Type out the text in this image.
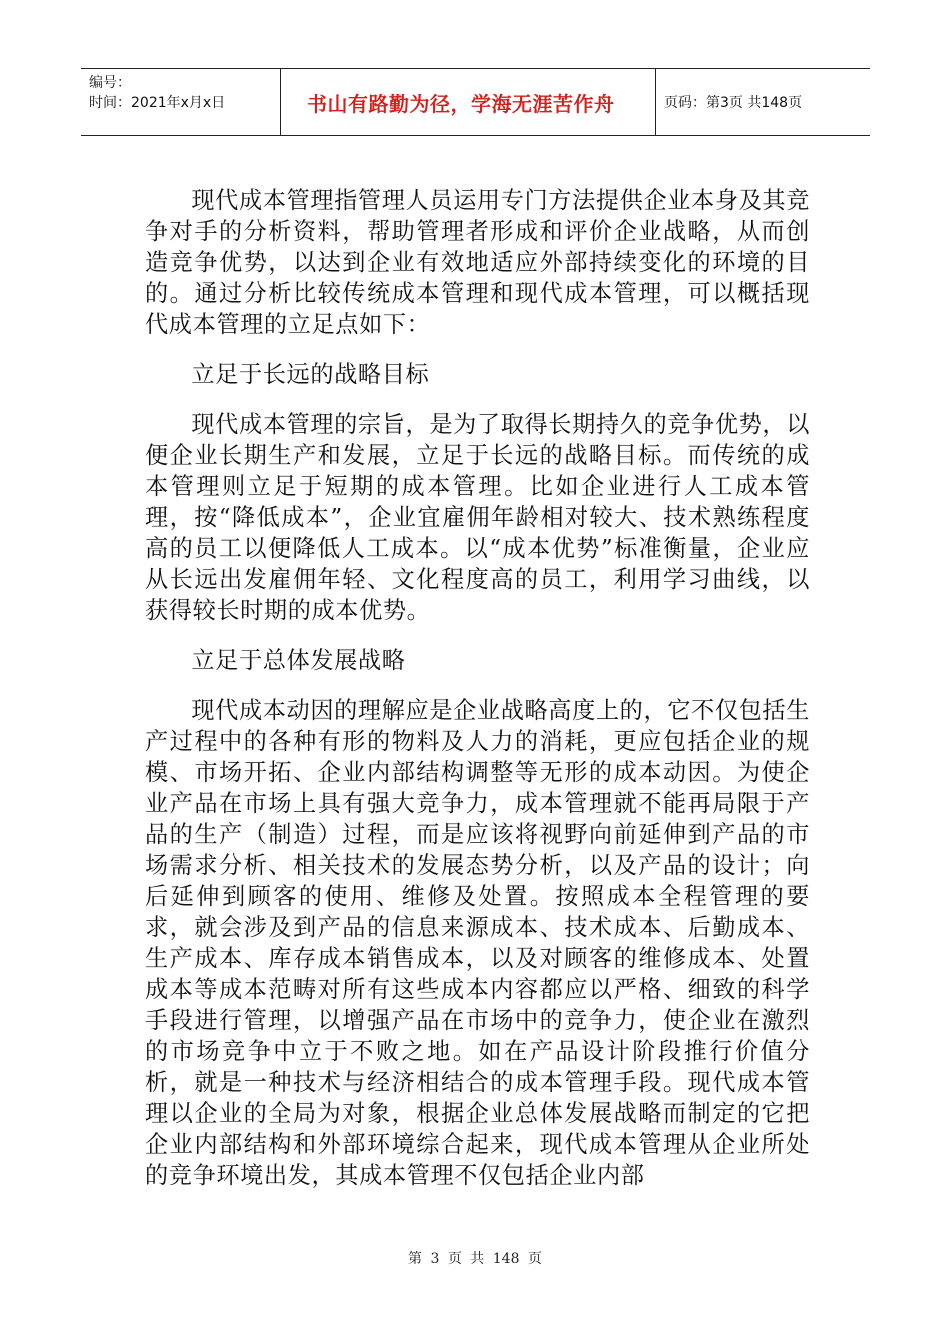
编号：
时间：2021年x月x日	书山有路勤为径，学海无涯苦作舟	页码：第3页 共148页

现代成本管理指管理人员运用专门方法提供企业本身及其竞争对手的分析资料，帮助管理者形成和评价企业战略，从而创造竞争优势，以达到企业有效地适应外部持续变化的环境的目的。通过分析比较传统成本管理和现代成本管理，可以概括现代成本管理的立足点如下：

立足于长远的战略目标

现代成本管理的宗旨，是为了取得长期持久的竞争优势，以便企业长期生产和发展，立足于长远的战略目标。而传统的成本管理则立足于短期的成本管理。比如企业进行人工成本管理，按“降低成本”，企业宜雇佣年龄相对较大、技术熟练程度高的员工以便降低人工成本。以“成本优势”标准衡量，企业应从长远出发雇佣年轻、文化程度高的员工，利用学习曲线，以获得较长时期的成本优势。

立足于总体发展战略

现代成本动因的理解应是企业战略高度上的，它不仅包括生产过程中的各种有形的物料及人力的消耗，更应包括企业的规模、市场开拓、企业内部结构调整等无形的成本动因。为使企业产品在市场上具有强大竞争力，成本管理就不能再局限于产品的生产（制造）过程，而是应该将视野向前延伸到产品的市场需求分析、相关技术的发展态势分析，以及产品的设计；向后延伸到顾客的使用、维修及处置。按照成本全程管理的要求，就会涉及到产品的信息来源成本、技术成本、后勤成本、生产成本、库存成本销售成本，以及对顾客的维修成本、处置成本等成本范畴对所有这些成本内容都应以严格、细致的科学手段进行管理，以增强产品在市场中的竞争力，使企业在激烈的市场竞争中立于不败之地。如在产品设计阶段推行价值分析，就是一种技术与经济相结合的成本管理手段。现代成本管理以企业的全局为对象，根据企业总体发展战略而制定的它把企业内部结构和外部环境综合起来，现代成本管理从企业所处的竞争环境出发，其成本管理不仅包括企业内部

第 3 页 共 148 页
